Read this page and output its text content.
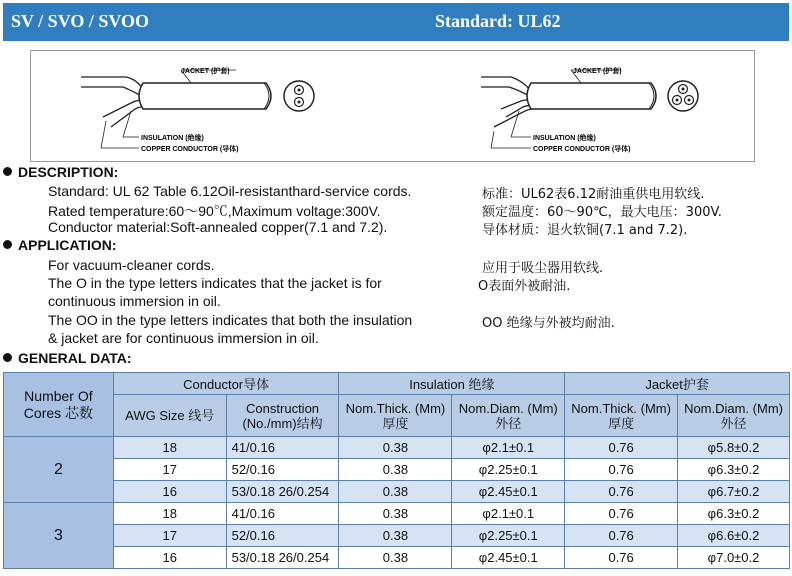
SV / SVO / SVOO	Standard: UL62
JACKET (护套)
INSULATION (绝缘)
COPPER CONDUCTOR (导体)
JACKET (护套)
INSULATION (绝缘)
COPPER CONDUCTOR (导体)
DESCRIPTION:
Standard: UL 62 Table 6.12Oil-resistanthard-service cords.
Rated temperature:60～90℃,Maximum voltage:300V.
Conductor material:Soft-annealed copper(7.1 and 7.2).
标准：UL62表6.12耐油重供电用软线.
额定温度：60～90℃，最大电压：300V.
导体材质：退火软铜(7.1 and 7.2).
APPLICATION:
For vacuum-cleaner cords.
The O in the type letters indicates that the jacket is for
continuous immersion in oil.
The OO in the type letters indicates that both the insulation
& jacket are for continuous immersion in oil.
应用于吸尘器用软线.
O表面外被耐油.
OO 绝缘与外被均耐油.
GENERAL DATA:
Number Of Cores 芯数	Conductor导体		Insulation 绝缘		Jacket护套	
	AWG Size 线号	Construction (No./mm)结构	Nom.Thick. (Mm)厚度	Nom.Diam. (Mm)外径	Nom.Thick. (Mm)厚度	Nom.Diam. (Mm)外径
2	18	41/0.16	0.38	φ2.1±0.1	0.76	φ5.8±0.2
	17	52/0.16	0.38	φ2.25±0.1	0.76	φ6.3±0.2
	16	53/0.18 26/0.254	0.38	φ2.45±0.1	0.76	φ6.7±0.2
3	18	41/0.16	0.38	φ2.1±0.1	0.76	φ6.3±0.2
	17	52/0.16	0.38	φ2.25±0.1	0.76	φ6.6±0.2
	16	53/0.18 26/0.254	0.38	φ2.45±0.1	0.76	φ7.0±0.2
